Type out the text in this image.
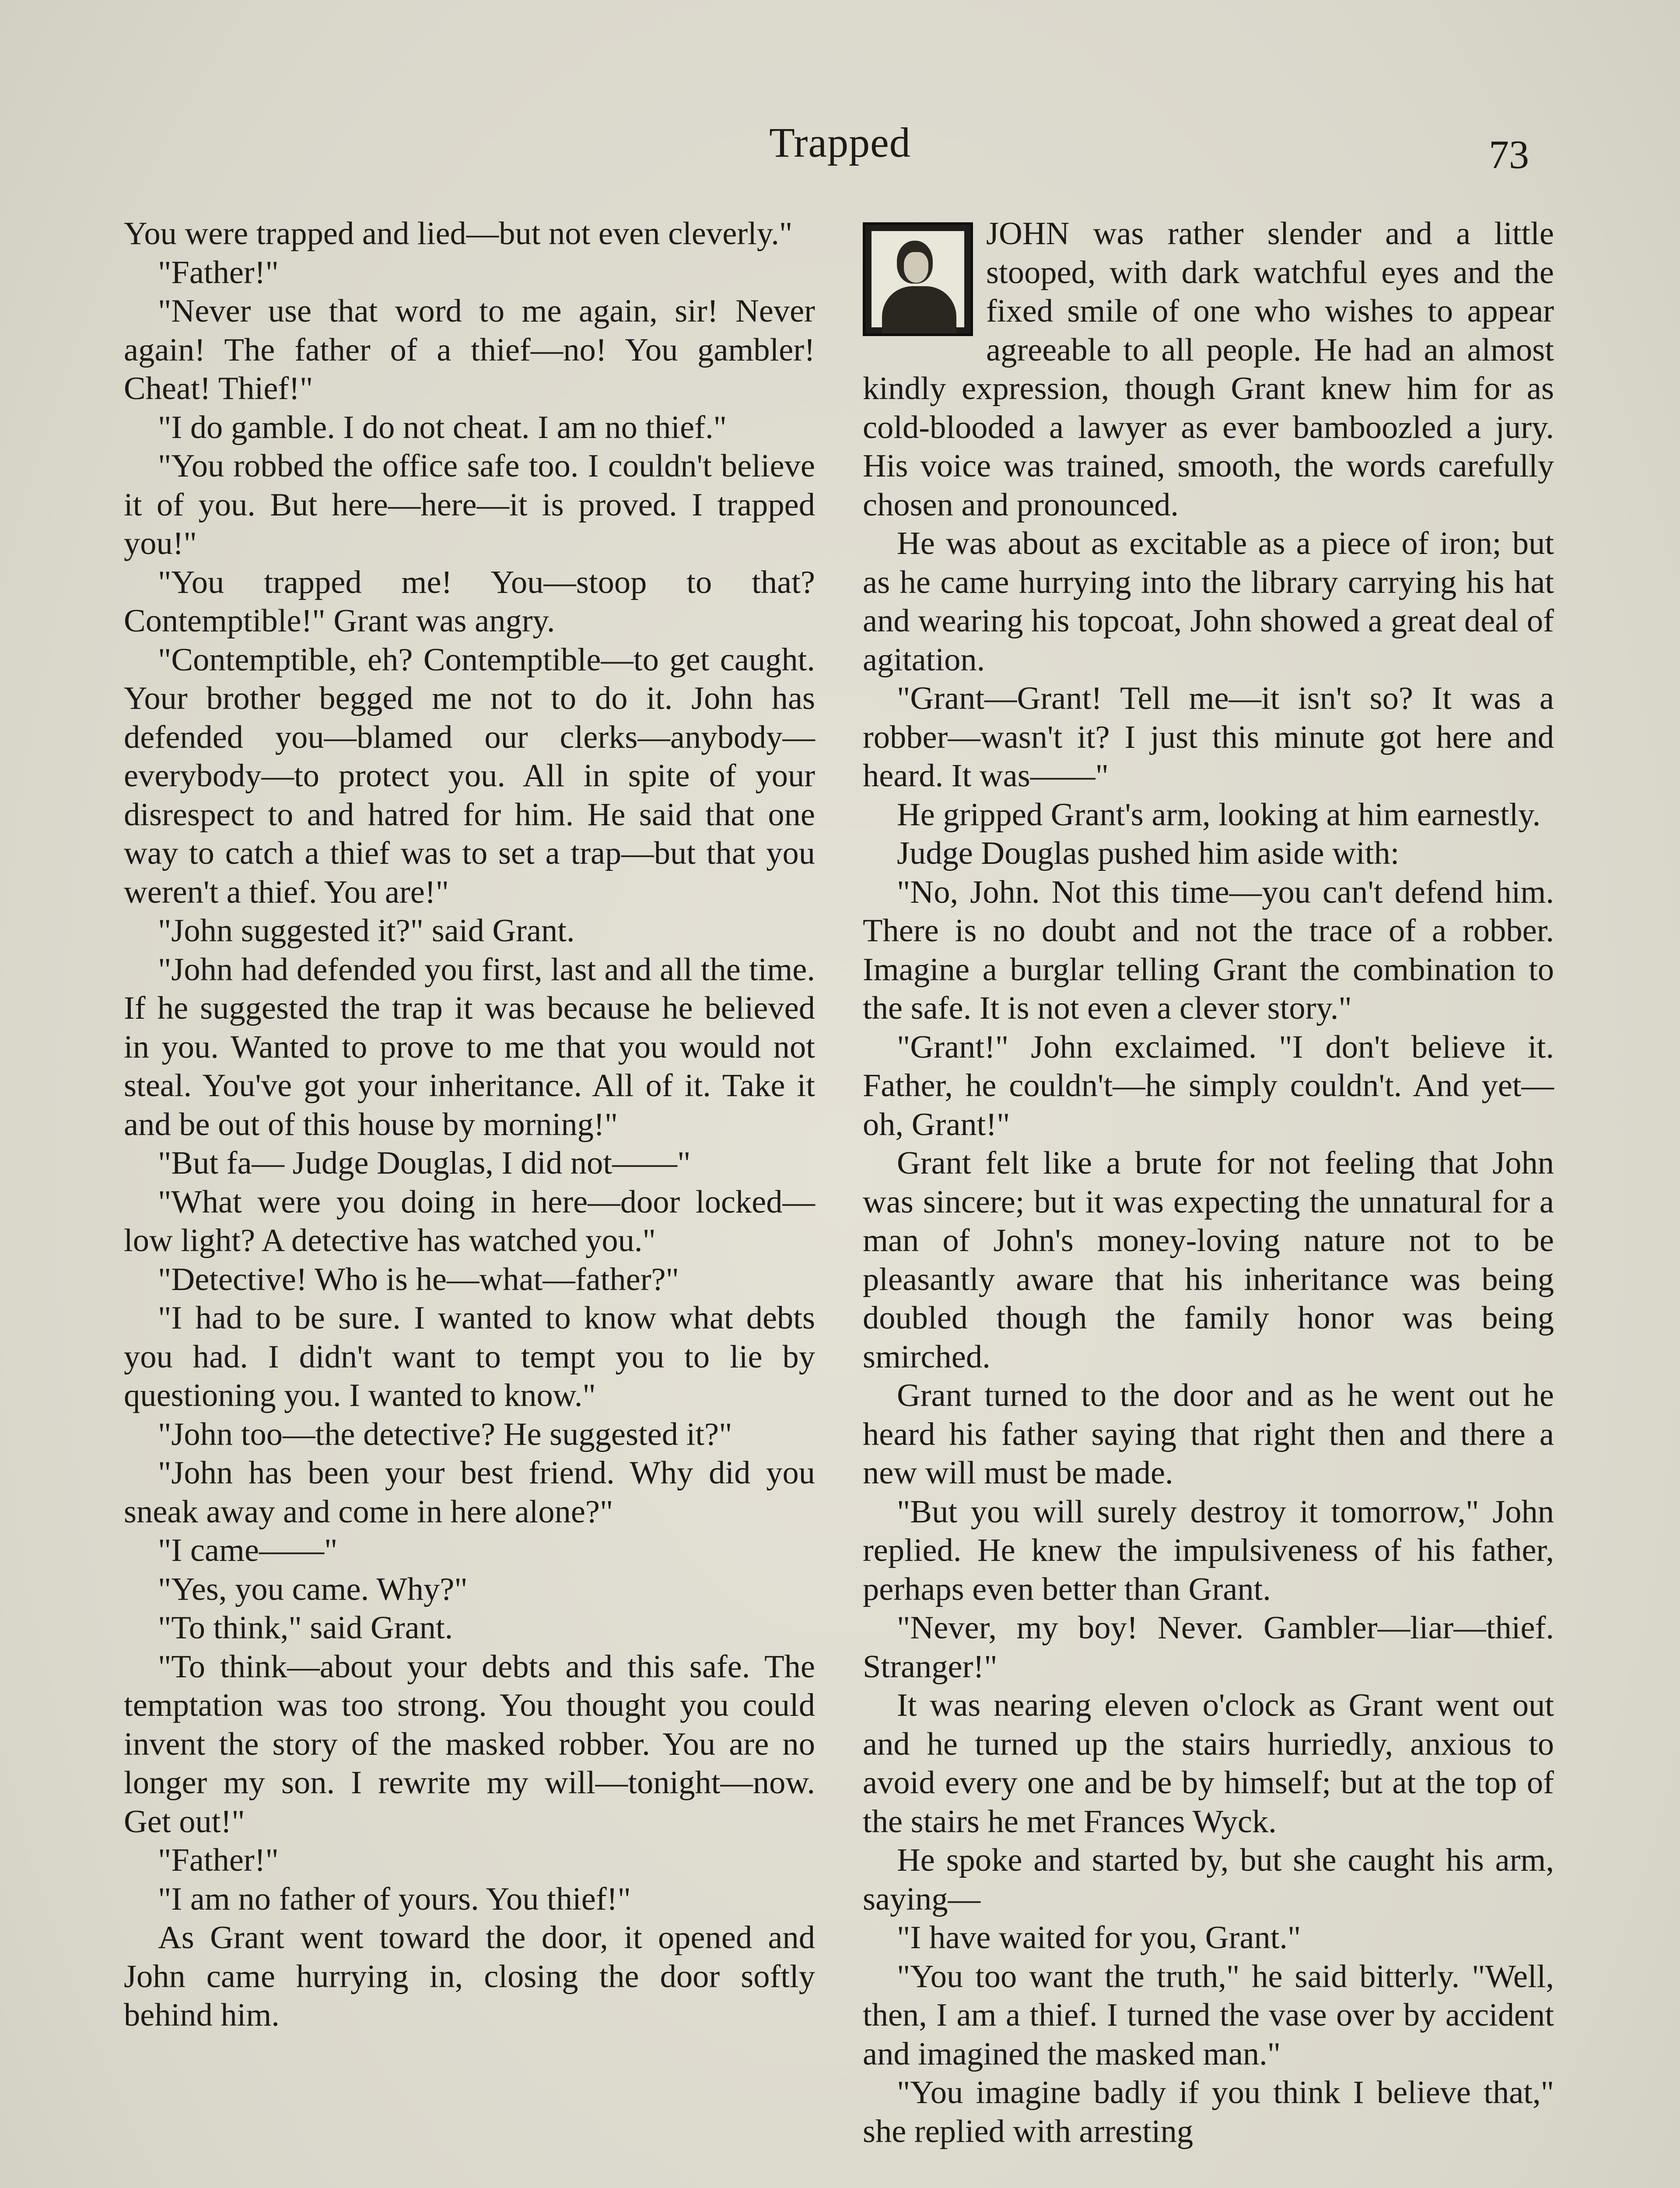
Trapped	73

You were trapped and lied—but not even cleverly."

"Father!"

"Never use that word to me again, sir! Never again! The father of a thief—no! You gambler! Cheat! Thief!"

"I do gamble. I do not cheat. I am no thief."

"You robbed the office safe too. I couldn't believe it of you. But here—here—it is proved. I trapped you!"

"You trapped me! You—stoop to that? Contemptible!" Grant was angry.

"Contemptible, eh? Contemptible—to get caught. Your brother begged me not to do it. John has defended you—blamed our clerks—anybody—everybody—to protect you. All in spite of your disrespect to and hatred for him. He said that one way to catch a thief was to set a trap—but that you weren't a thief. You are!"

"John suggested it?" said Grant.

"John had defended you first, last and all the time. If he suggested the trap it was because he believed in you. Wanted to prove to me that you would not steal. You've got your inheritance. All of it. Take it and be out of this house by morning!"

"But fa— Judge Douglas, I did not——"

"What were you doing in here—door locked—low light? A detective has watched you."

"Detective! Who is he—what—father?"

"I had to be sure. I wanted to know what debts you had. I didn't want to tempt you to lie by questioning you. I wanted to know."

"John too—the detective? He suggested it?"

"John has been your best friend. Why did you sneak away and come in here alone?"

"I came——"

"Yes, you came. Why?"

"To think," said Grant.

"To think—about your debts and this safe. The temptation was too strong. You thought you could invent the story of the masked robber. You are no longer my son. I rewrite my will—tonight—now. Get out!"

"Father!"

"I am no father of yours. You thief!"

As Grant went toward the door, it opened and John came hurrying in, closing the door softly behind him.

JOHN was rather slender and a little stooped, with dark watchful eyes and the fixed smile of one who wishes to appear agreeable to all people. He had an almost kindly expression, though Grant knew him for as cold-blooded a lawyer as ever bamboozled a jury. His voice was trained, smooth, the words carefully chosen and pronounced.

He was about as excitable as a piece of iron; but as he came hurrying into the library carrying his hat and wearing his topcoat, John showed a great deal of agitation.

"Grant—Grant! Tell me—it isn't so? It was a robber—wasn't it? I just this minute got here and heard. It was——"

He gripped Grant's arm, looking at him earnestly.

Judge Douglas pushed him aside with:

"No, John. Not this time—you can't defend him. There is no doubt and not the trace of a robber. Imagine a burglar telling Grant the combination to the safe. It is not even a clever story."

"Grant!" John exclaimed. "I don't believe it. Father, he couldn't—he simply couldn't. And yet—oh, Grant!"

Grant felt like a brute for not feeling that John was sincere; but it was expecting the unnatural for a man of John's money-loving nature not to be pleasantly aware that his inheritance was being doubled though the family honor was being smirched.

Grant turned to the door and as he went out he heard his father saying that right then and there a new will must be made.

"But you will surely destroy it tomorrow," John replied. He knew the impulsiveness of his father, perhaps even better than Grant.

"Never, my boy! Never. Gambler—liar—thief. Stranger!"

It was nearing eleven o'clock as Grant went out and he turned up the stairs hurriedly, anxious to avoid every one and be by himself; but at the top of the stairs he met Frances Wyck.

He spoke and started by, but she caught his arm, saying—

"I have waited for you, Grant."

"You too want the truth," he said bitterly. "Well, then, I am a thief. I turned the vase over by accident and imagined the masked man."

"You imagine badly if you think I believe that," she replied with arresting
